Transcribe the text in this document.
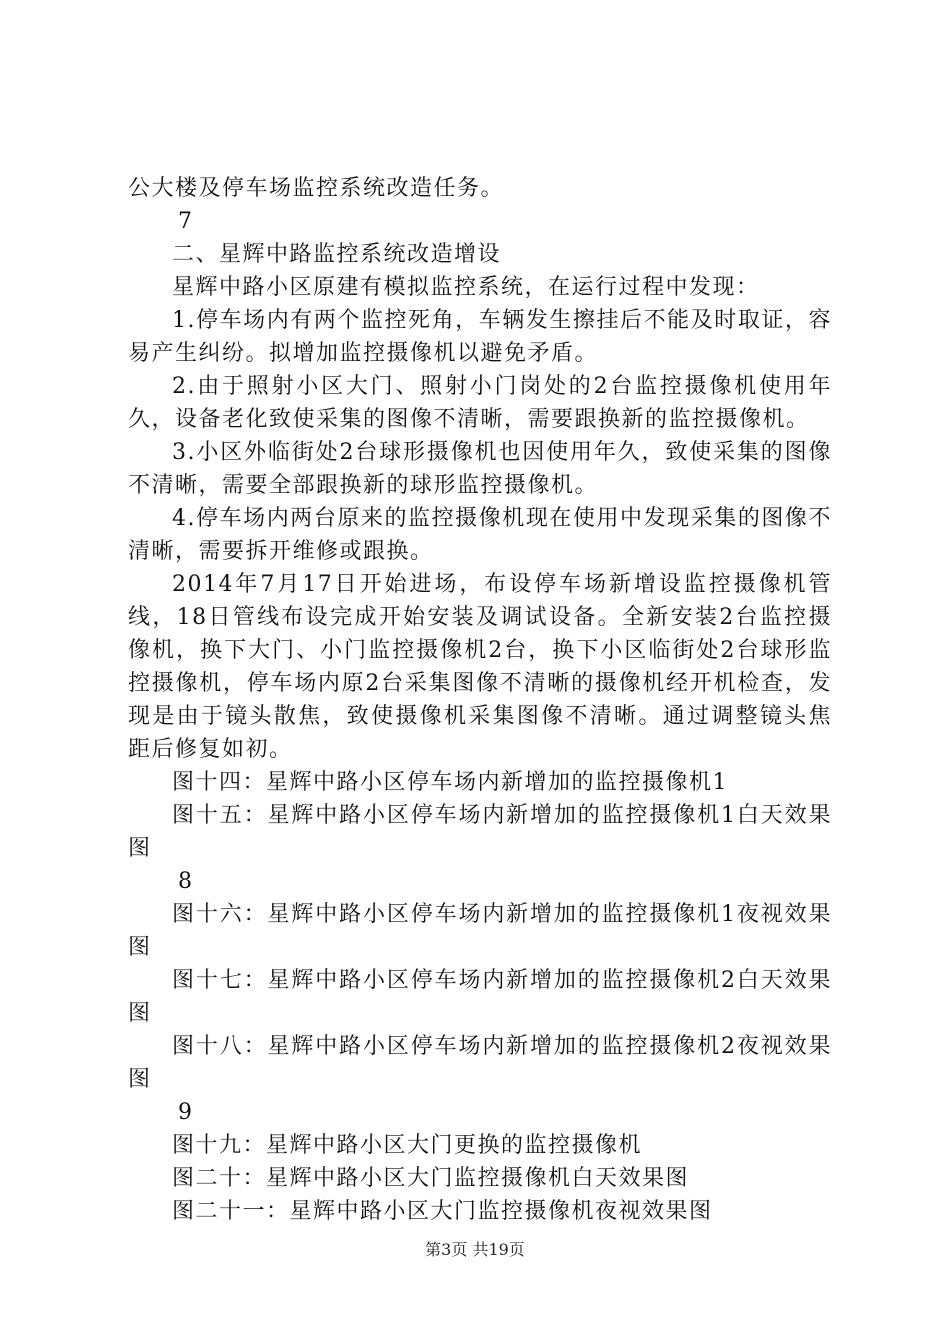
公大楼及停车场监控系统改造任务。

7

二、星辉中路监控系统改造增设

星辉中路小区原建有模拟监控系统，在运行过程中发现：

1.停车场内有两个监控死角，车辆发生擦挂后不能及时取证，容易产生纠纷。拟增加监控摄像机以避免矛盾。

2.由于照射小区大门、照射小门岗处的2台监控摄像机使用年久，设备老化致使采集的图像不清晰，需要跟换新的监控摄像机。

3.小区外临街处2台球形摄像机也因使用年久，致使采集的图像不清晰，需要全部跟换新的球形监控摄像机。

4.停车场内两台原来的监控摄像机现在使用中发现采集的图像不清晰，需要拆开维修或跟换。

2014年7月17日开始进场，布设停车场新增设监控摄像机管线，18日管线布设完成开始安装及调试设备。全新安装2台监控摄像机，换下大门、小门监控摄像机2台，换下小区临街处2台球形监控摄像机，停车场内原2台采集图像不清晰的摄像机经开机检查，发现是由于镜头散焦，致使摄像机采集图像不清晰。通过调整镜头焦距后修复如初。

图十四：星辉中路小区停车场内新增加的监控摄像机1

图十五：星辉中路小区停车场内新增加的监控摄像机1白天效果图

8

图十六：星辉中路小区停车场内新增加的监控摄像机1夜视效果图

图十七：星辉中路小区停车场内新增加的监控摄像机2白天效果图

图十八：星辉中路小区停车场内新增加的监控摄像机2夜视效果图

9

图十九：星辉中路小区大门更换的监控摄像机

图二十：星辉中路小区大门监控摄像机白天效果图

图二十一：星辉中路小区大门监控摄像机夜视效果图

第3页 共19页
